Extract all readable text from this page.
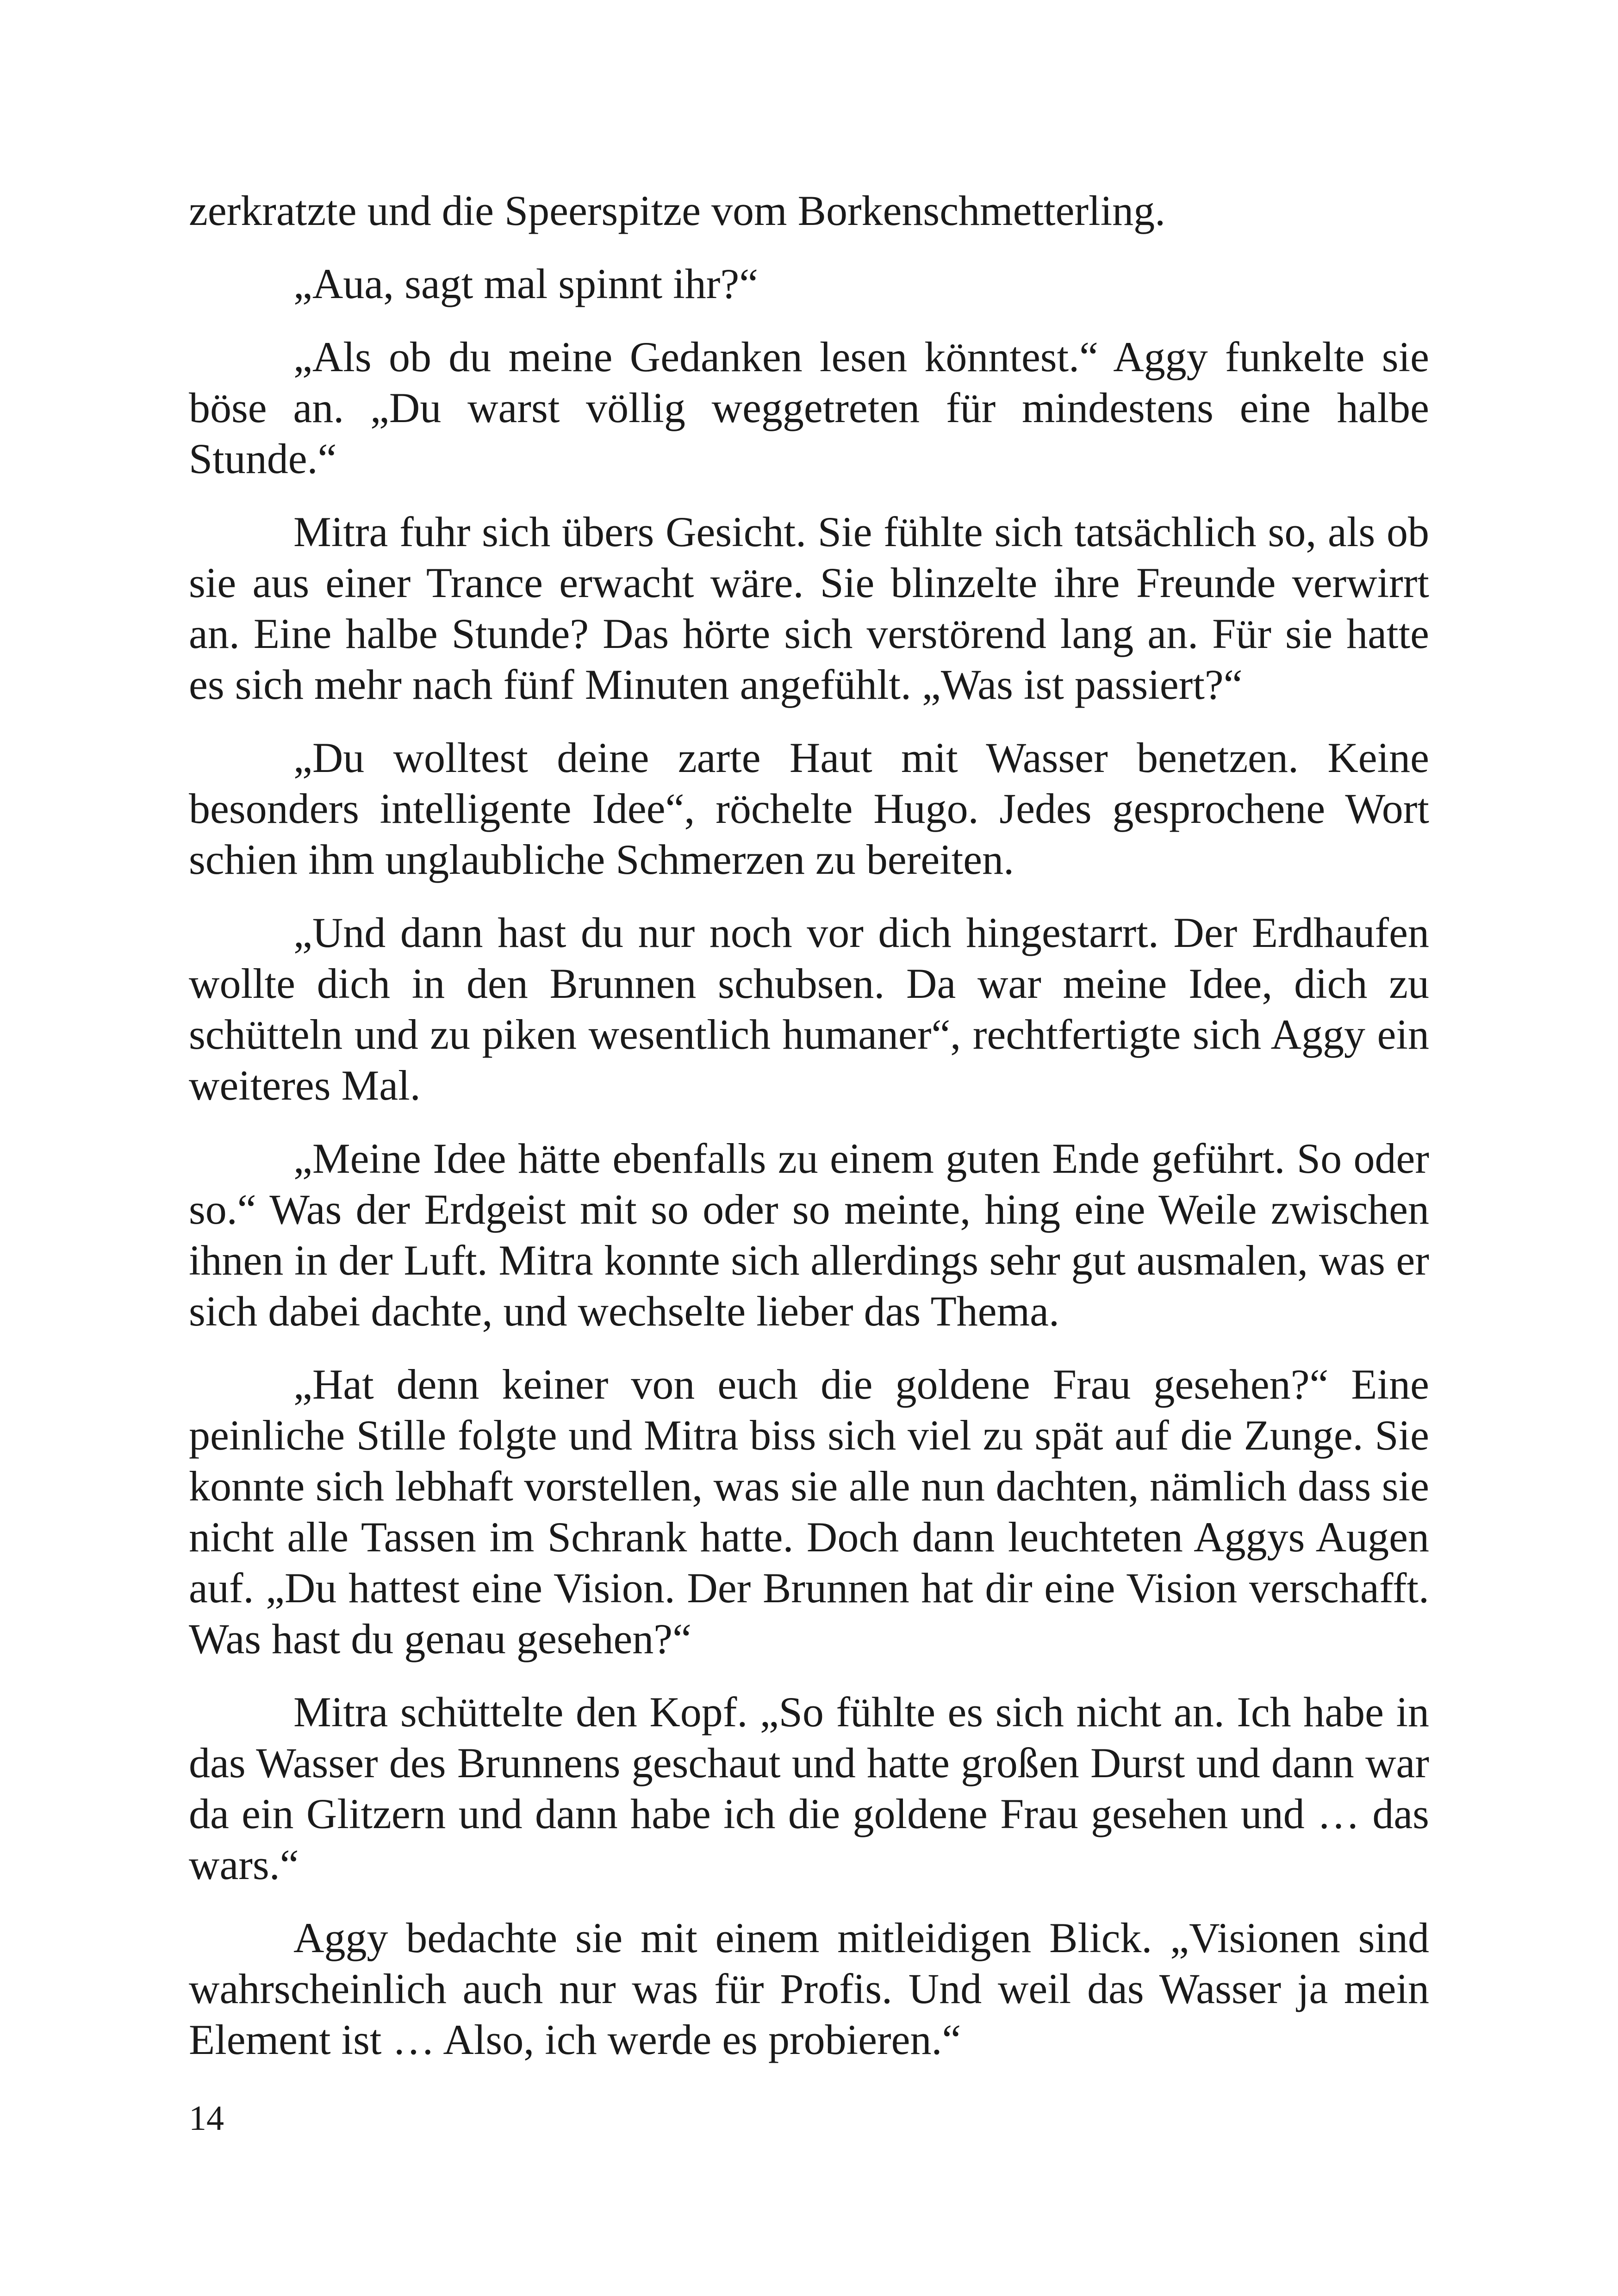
zerkratzte und die Speerspitze vom Borkenschmetterling.

„Aua, sagt mal spinnt ihr?“

„Als ob du meine Gedanken lesen könntest.“ Aggy funkelte sie böse an. „Du warst völlig weggetreten für mindestens eine halbe Stunde.“

Mitra fuhr sich übers Gesicht. Sie fühlte sich tatsächlich so, als ob sie aus einer Trance erwacht wäre. Sie blinzelte ihre Freunde verwirrt an. Eine halbe Stunde? Das hörte sich verstörend lang an. Für sie hatte es sich mehr nach fünf Minuten angefühlt. „Was ist passiert?“

„Du wolltest deine zarte Haut mit Wasser benetzen. Keine besonders intelligente Idee“, röchelte Hugo. Jedes gesprochene Wort schien ihm unglaubliche Schmerzen zu bereiten.

„Und dann hast du nur noch vor dich hingestarrt. Der Erdhaufen wollte dich in den Brunnen schubsen. Da war meine Idee, dich zu schütteln und zu piken wesentlich humaner“, rechtfertigte sich Aggy ein weiteres Mal.

„Meine Idee hätte ebenfalls zu einem guten Ende geführt. So oder so.“ Was der Erdgeist mit so oder so meinte, hing eine Weile zwischen ihnen in der Luft. Mitra konnte sich allerdings sehr gut ausmalen, was er sich dabei dachte, und wechselte lieber das Thema.

„Hat denn keiner von euch die goldene Frau gesehen?“ Eine peinliche Stille folgte und Mitra biss sich viel zu spät auf die Zunge. Sie konnte sich lebhaft vorstellen, was sie alle nun dachten, nämlich dass sie nicht alle Tassen im Schrank hatte. Doch dann leuchteten Aggys Augen auf. „Du hattest eine Vision. Der Brunnen hat dir eine Vision verschafft. Was hast du genau gesehen?“

Mitra schüttelte den Kopf. „So fühlte es sich nicht an. Ich habe in das Wasser des Brunnens geschaut und hatte großen Durst und dann war da ein Glitzern und dann habe ich die goldene Frau gesehen und … das wars.“

Aggy bedachte sie mit einem mitleidigen Blick. „Visionen sind wahrscheinlich auch nur was für Profis. Und weil das Wasser ja mein Element ist … Also, ich werde es probieren.“

14
